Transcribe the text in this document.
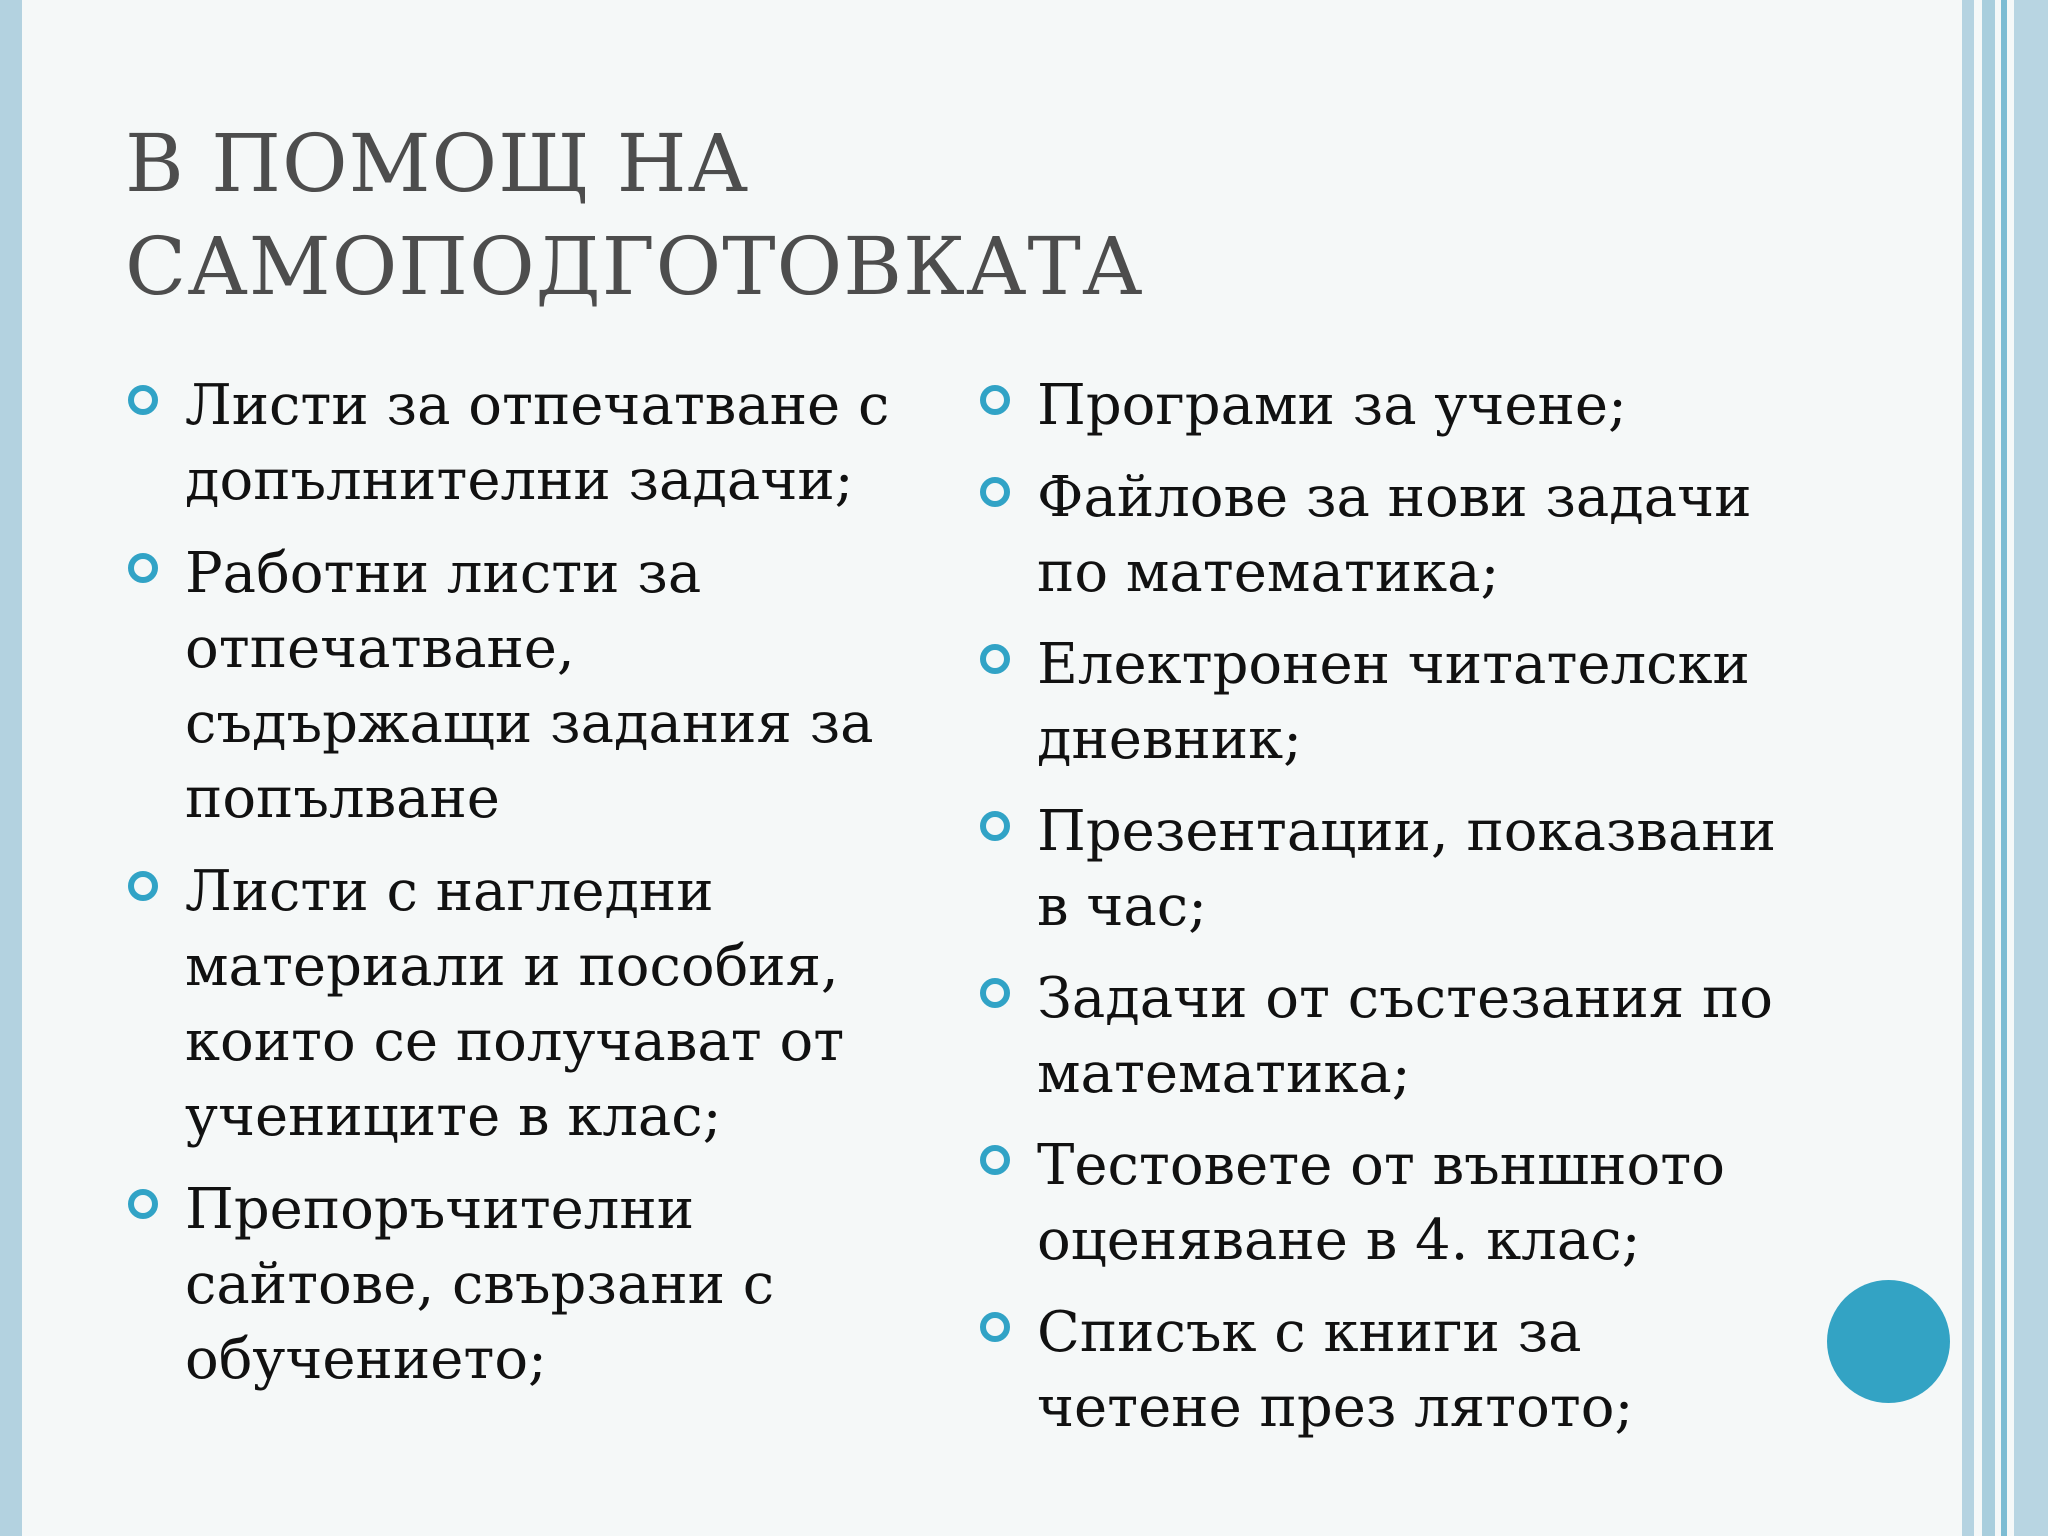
В ПОМОЩ НА
САМОПОДГОТОВКАТА
Листи за отпечатване с допълнителни задачи;
Работни листи за отпечатване, съдържащи задания за попълване
Листи с нагледни материали и пособия, които се получават от учениците в клас;
Препоръчителни сайтове, свързани с обучението;
Програми за учене;
Файлове за нови задачи по математика;
Електронен читателски дневник;
Презентации, показвани в час;
Задачи от състезания по математика;
Тестовете от външното оценяване в 4. клас;
Списък с книги за четене през лятото;
